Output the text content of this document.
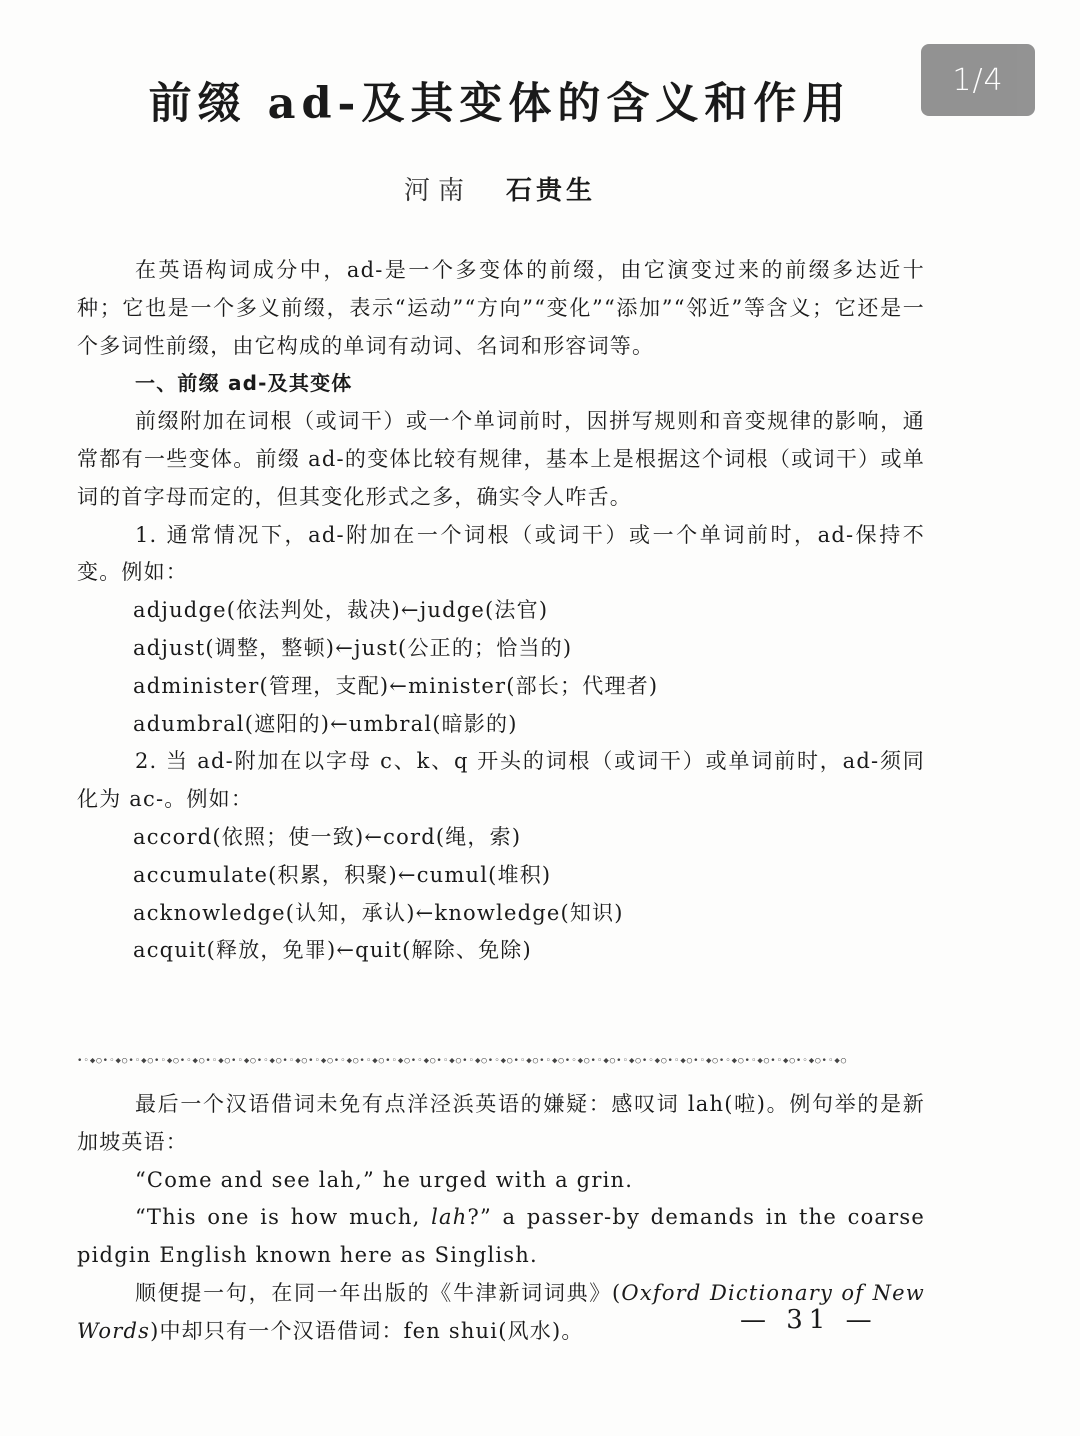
1/4
前缀 ad-及其变体的含义和作用
河南 石贵生

在英语构词成分中，ad-是一个多变体的前缀，由它演变过来的前缀多达近十种；它也是一个多义前缀，表示“运动”“方向”“变化”“添加”“邻近”等含义；它还是一个多词性前缀，由它构成的单词有动词、名词和形容词等。

一、前缀 ad-及其变体

前缀附加在词根（或词干）或一个单词前时，因拼写规则和音变规律的影响，通常都有一些变体。前缀 ad-的变体比较有规律，基本上是根据这个词根（或词干）或单词的首字母而定的，但其变化形式之多，确实令人咋舌。

1. 通常情况下，ad-附加在一个词根（或词干）或一个单词前时，ad-保持不变。例如：

adjudge(依法判处，裁决)←judge(法官)

adjust(调整，整顿)←just(公正的；恰当的)

administer(管理，支配)←minister(部长；代理者)

adumbral(遮阳的)←umbral(暗影的)

2. 当 ad-附加在以字母 c、k、q 开头的词根（或词干）或单词前时，ad-须同化为 ac-。例如：

accord(依照；使一致)←cord(绳，索)

accumulate(积累，积聚)←cumul(堆积)

acknowledge(认知，承认)←knowledge(知识)

acquit(释放，免罪)←quit(解除、免除)

•◦◆○•◦◆○•◦◆○•◦◆○•◦◆○•◦◆○•◦◆○•◦◆○•◦◆○•◦◆○•◦◆○•◦◆○•◦◆○•◦◆○•◦◆○•◦◆○•◦◆○•◦◆○•◦◆○•◦◆○•◦◆○•◦◆○•◦◆○•◦◆○•◦◆○•◦◆○•◦◆○•◦◆○•◦◆○•◦◆○

最后一个汉语借词未免有点洋泾浜英语的嫌疑：感叹词 lah(啦)。例句举的是新加坡英语：

“Come and see lah,” he urged with a grin.

“This one is how much, lah?” a passer-by demands in the coarse pidgin English known here as Singlish.

顺便提一句，在同一年出版的《牛津新词词典》(Oxford Dictionary of New Words)中却只有一个汉语借词：fen shui(风水)。	— 31 —
